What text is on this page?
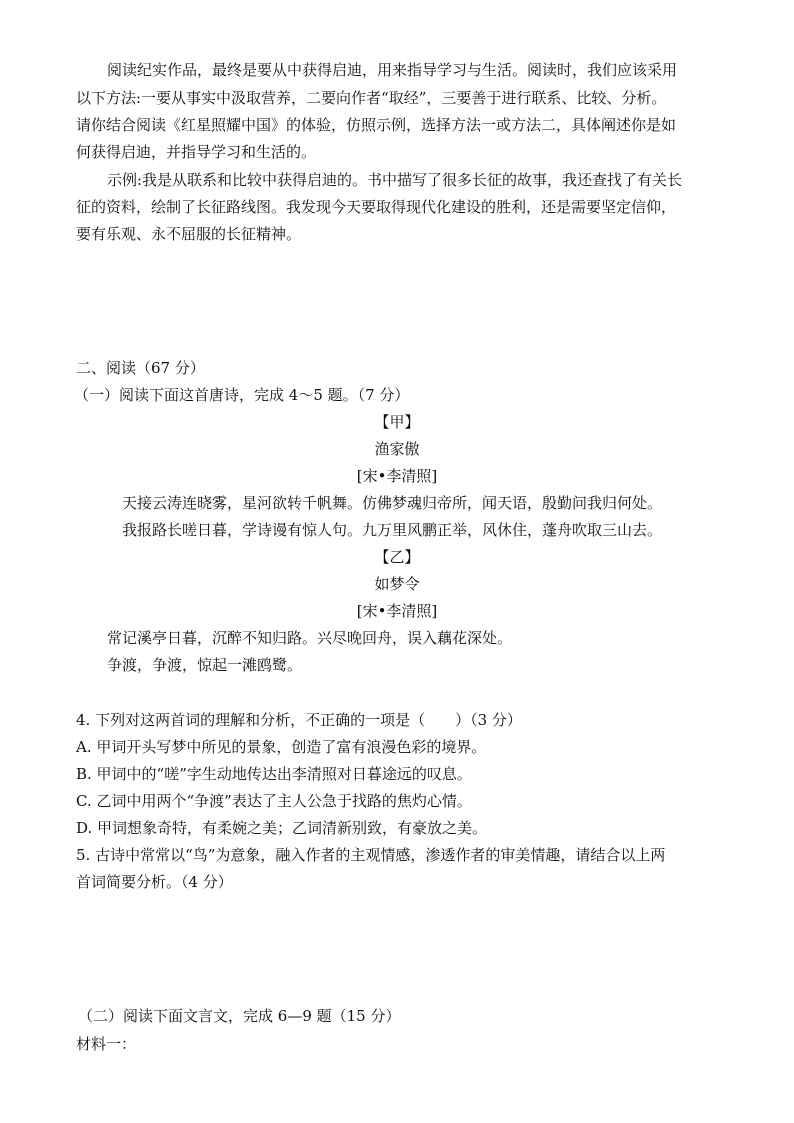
阅读纪实作品，最终是要从中获得启迪，用来指导学习与生活。阅读时，我们应该采用
以下方法:一要从事实中汲取营养，二要向作者“取经”，三要善于进行联系、比较、分析。
请你结合阅读《红星照耀中国》的体验，仿照示例，选择方法一或方法二，具体阐述你是如
何获得启迪，并指导学习和生活的。
示例:我是从联系和比较中获得启迪的。书中描写了很多长征的故事，我还查找了有关长
征的资料，绘制了长征路线图。我发现今天要取得现代化建设的胜利，还是需要坚定信仰，
要有乐观、永不屈服的长征精神。
二、阅读（67 分）
（一）阅读下面这首唐诗，完成 4～5 题。（7 分）
【甲】
渔家傲
[宋•李清照]
天接云涛连晓雾，星河欲转千帆舞。仿佛梦魂归帝所，闻天语，殷勤问我归何处。
我报路长嗟日暮，学诗谩有惊人句。九万里风鹏正举，风休住，蓬舟吹取三山去。
【乙】
如梦令
[宋•李清照]
常记溪亭日暮，沉醉不知归路。兴尽晚回舟，误入藕花深处。
争渡，争渡，惊起一滩鸥鹭。
4. 下列对这两首词的理解和分析，不正确的一项是（　　）（3 分）
A. 甲词开头写梦中所见的景象，创造了富有浪漫色彩的境界。
B. 甲词中的“嗟”字生动地传达出李清照对日暮途远的叹息。
C. 乙词中用两个“争渡”表达了主人公急于找路的焦灼心情。
D. 甲词想象奇特，有柔婉之美；乙词清新别致，有豪放之美。
5. 古诗中常常以“鸟”为意象，融入作者的主观情感，渗透作者的审美情趣，请结合以上两
首词简要分析。（4 分）
（二）阅读下面文言文，完成 6—9 题（15 分）
材料一：
